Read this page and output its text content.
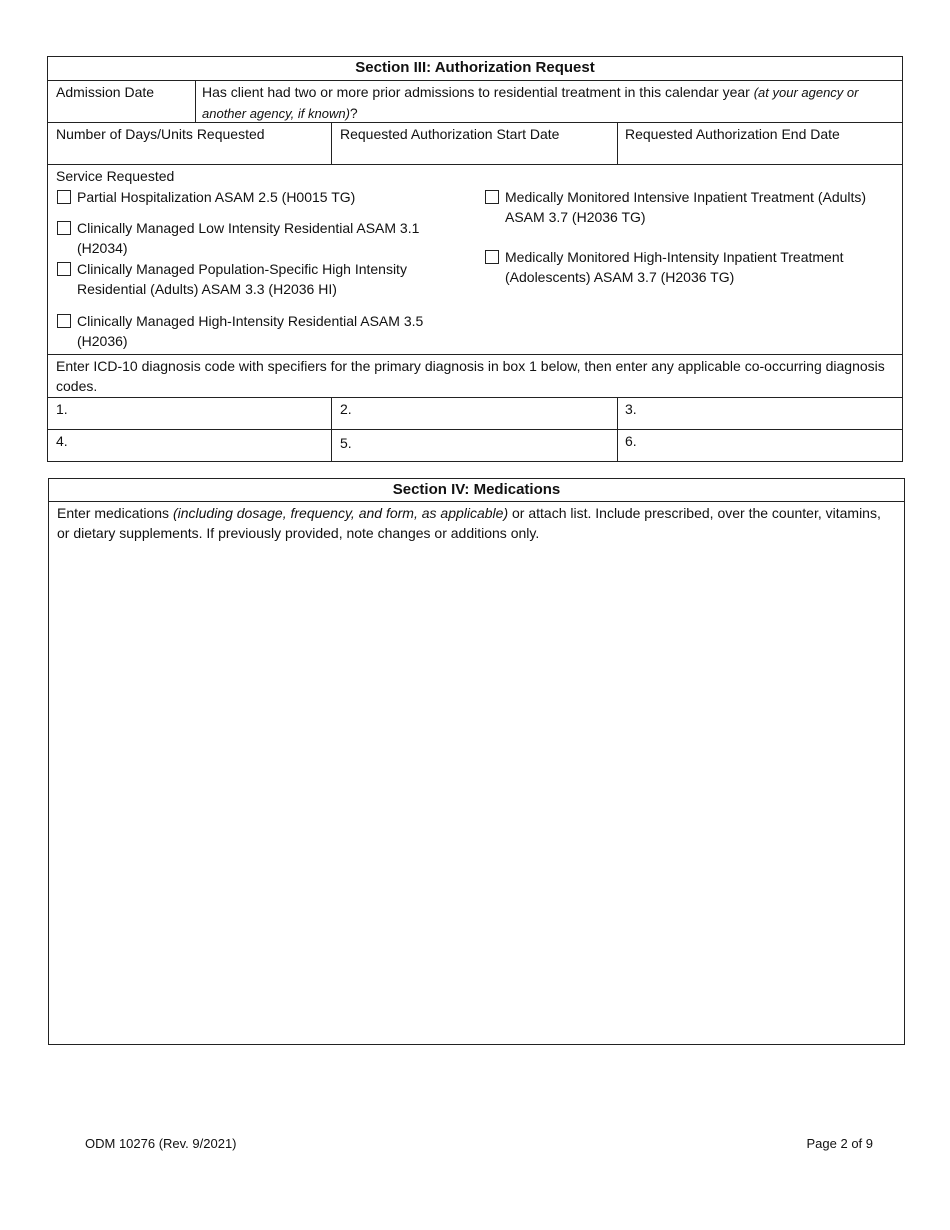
Section III: Authorization Request
Admission Date	Has client had two or more prior admissions to residential treatment in this calendar year (at your agency or another agency, if known)?
Number of Days/Units Requested	Requested Authorization Start Date	Requested Authorization End Date
Service Requested
Partial Hospitalization ASAM 2.5 (H0015 TG)
Clinically Managed Low Intensity Residential ASAM 3.1 (H2034)
Clinically Managed Population-Specific High Intensity Residential (Adults) ASAM 3.3 (H2036 HI)
Clinically Managed High-Intensity Residential ASAM 3.5 (H2036)
Medically Monitored Intensive Inpatient Treatment (Adults) ASAM 3.7 (H2036 TG)
Medically Monitored High-Intensity Inpatient Treatment (Adolescents) ASAM 3.7 (H2036 TG)
Enter ICD-10 diagnosis code with specifiers for the primary diagnosis in box 1 below, then enter any applicable co-occurring diagnosis codes.
1.	2.	3.
4.	5.	6.
Section IV: Medications
Enter medications (including dosage, frequency, and form, as applicable) or attach list. Include prescribed, over the counter, vitamins, or dietary supplements. If previously provided, note changes or additions only.
ODM 10276 (Rev. 9/2021)	Page 2 of 9
